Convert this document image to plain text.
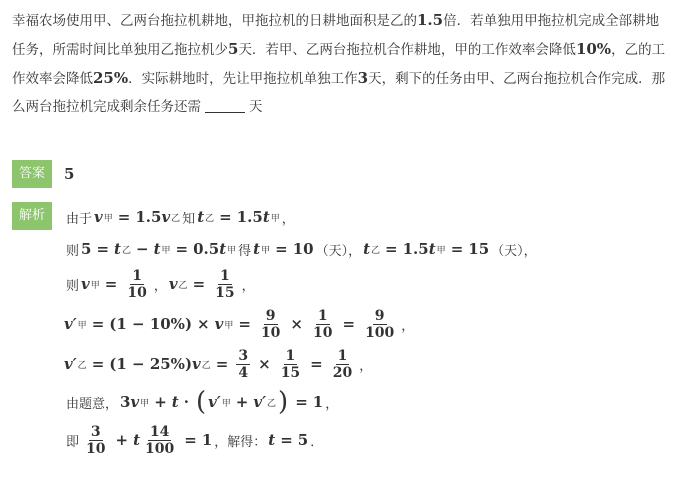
幸福农场使用甲、乙两台拖拉机耕地，甲拖拉机的日耕地面积是乙的1.5倍．若单独用甲拖拉机完成全部耕地任务，所需时间比单独用乙拖拉机少5天．若甲、乙两台拖拉机合作耕地，甲的工作效率会降低10%，乙的工作效率会降低25%．实际耕地时，先让甲拖拉机单独工作3天，剩下的任务由甲、乙两台拖拉机合作完成．那么两台拖拉机完成剩余任务还需	天
答案	5
解析	由于 v 甲 = 1.5 v 乙 知 t 乙 = 1.5 t 甲 ，
则 5 = t 乙 − t 甲 = 0.5 t 甲 得 t 甲 = 10 （天）， t 乙 = 1.5 t 甲 = 15 （天），
则 v 甲 = $\frac{1}{10}$ ， v 乙 = $\frac{1}{15}$ ，
v′ 甲 = (1 − 10%) × v 甲 = $\frac{9}{10} \times \frac{1}{10} = \frac{9}{100}$ ，
v′ 乙 = (1 − 25%) v 乙 = $\frac{3}{4} \times \frac{1}{15} = \frac{1}{20}$ ，
由题意， 3 v 甲 + t · ( v′ 甲 + v′ 乙 ) = 1 ，
即 $\frac{3}{10} + t \frac{14}{100} = 1$ ，解得： t = 5 ．
